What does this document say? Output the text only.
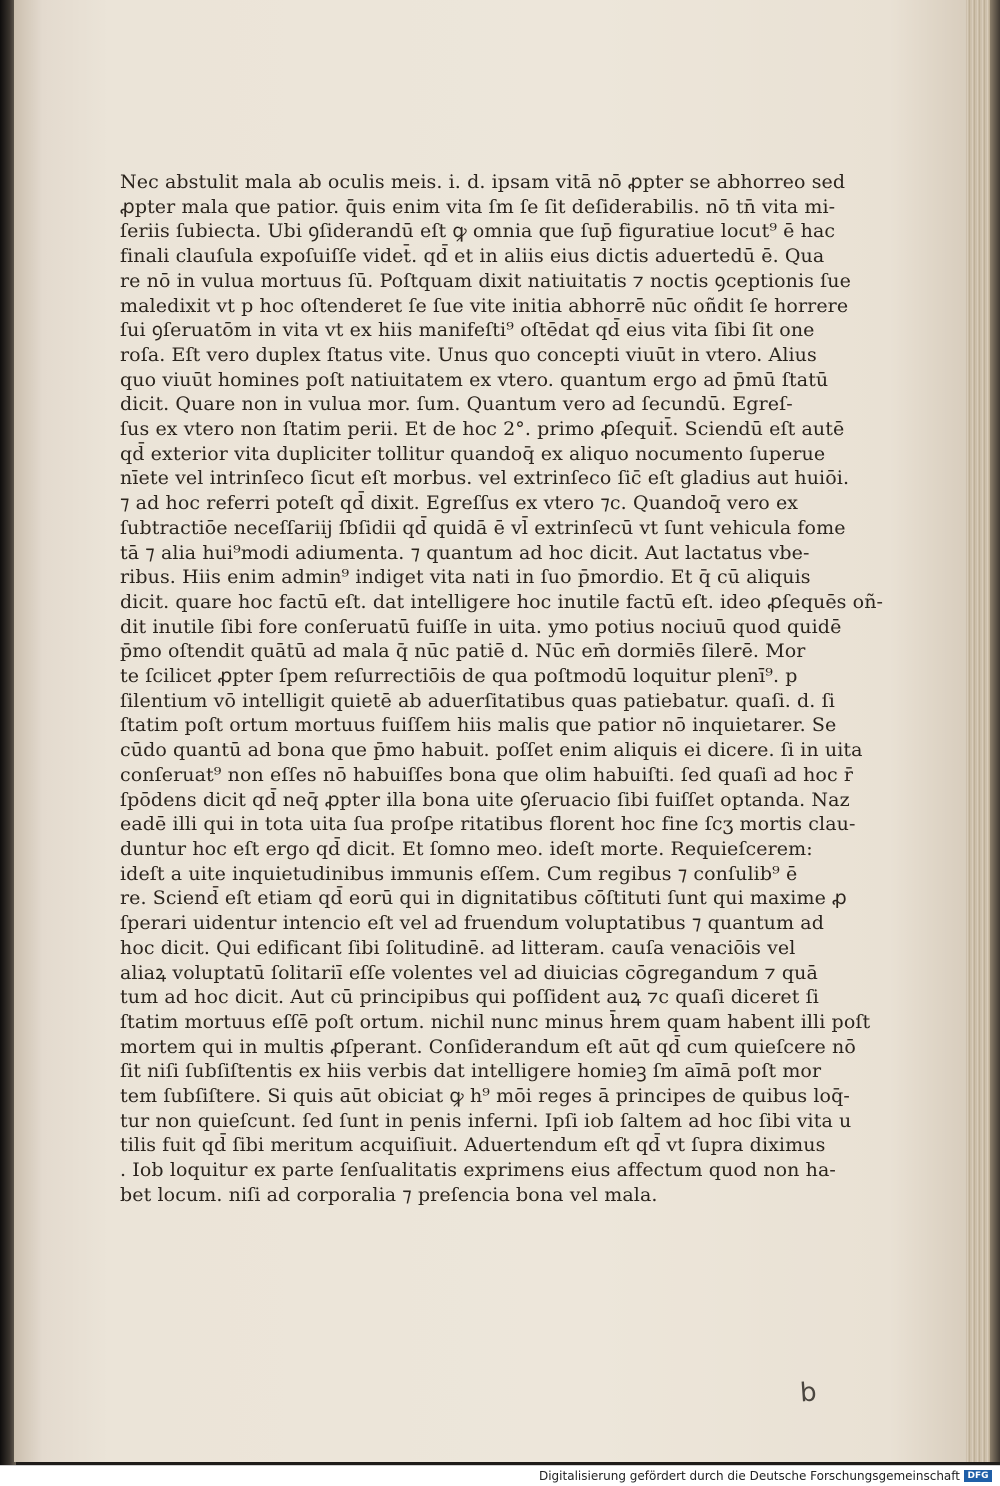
Nec abstulit mala ab oculis meis. i. d. ipsam vitā nō ꝓpter se abhorreo sed
ꝓpter mala que patior. q̄uis enim vita ſm ſe ſit deſiderabilis. nō tn̄ vita mi-
ſeriis ſubiecta. Ubi ꝯſiderandū eſt ꝙ omnia que ſup̄ figuratiue locut⁹ ē hac
finali clauſula expoſuiſſe videt̄. qd̄ et in aliis eius dictis aduertedū ē. Qua
re nō in vulua mortuus ſū. Poſtquam dixit natiuitatis ⁊ noctis ꝯceptionis ſue
maledixit vt p hoc oſtenderet ſe ſue vite initia abhorrē nūc oñdit ſe horrere
ſui ꝯſeruatōm in vita vt ex hiis manifeſti⁹ oſtēdat qd̄ eius vita ſibi ſit one
roſa. Eſt vero duplex ſtatus vite. Unus quo concepti viuūt in vtero. Alius
quo viuūt homines poſt natiuitatem ex vtero. quantum ergo ad p̄mū ſtatū
dicit. Quare non in vulua mor. ſum. Quantum vero ad ſecundū. Egreſ-
ſus ex vtero non ſtatim perii. Et de hoc 2°. primo ꝓſequit̄. Sciendū eſt autē
qd̄ exterior vita dupliciter tollitur quandoq̄ ex aliquo nocumento ſuperue
nīete vel intrinſeco ſicut eſt morbus. vel extrinſeco ſic̄ eſt gladius aut huiōi.
⁊ ad hoc referri poteſt qd̄ dixit. Egreſſus ex vtero ⁊c. Quandoq̄ vero ex
ſubtractiōe neceſſariij ſbſidii qd̄ quidā ē vl̄ extrinſecū vt ſunt vehicula fome
tā ⁊ alia hui⁹modi adiumenta. ⁊ quantum ad hoc dicit. Aut lactatus vbe-
ribus. Hiis enim admin⁹ indiget vita nati in ſuo p̄mordio. Et q̄ cū aliquis
dicit. quare hoc factū eſt. dat intelligere hoc inutile factū eſt. ideo ꝓſequēs oñ-
dit inutile ſibi fore conſeruatū fuiſſe in uita. ymo potius nociuū quod quidē
p̄mo oſtendit quātū ad mala q̄ nūc patiē d. Nūc em̄ dormiēs ſilerē. Mor
te ſcilicet ꝓpter ſpem reſurrectiōis de qua poſtmodū loquitur plenī⁹. p
ſilentium vō intelligit quietē ab aduerſitatibus quas patiebatur. quaſi. d. ſi
ſtatim poſt ortum mortuus fuiſſem hiis malis que patior nō inquietarer. Se
cūdo quantū ad bona que p̄mo habuit. poſſet enim aliquis ei dicere. ſi in uita
conſeruat⁹ non eſſes nō habuiſſes bona que olim habuiſti. ſed quaſi ad hoc r̄
ſpōdens dicit qd̄ neq̄ ꝓpter illa bona uite ꝯſeruacio ſibi fuiſſet optanda. Naz
eadē illi qui in tota uita ſua proſpe ritatibus florent hoc fine ſcʒ mortis clau-
duntur hoc eſt ergo qd̄ dicit. Et ſomno meo. ideſt morte. Requieſcerem:
ideſt a uite inquietudinibus immunis eſſem. Cum regibus ⁊ conſulib⁹ ē
re. Sciend̄ eſt etiam qd̄ eorū qui in dignitatibus cōſtituti ſunt qui maxime ꝓ
ſperari uidentur intencio eſt vel ad fruendum voluptatibus ⁊ quantum ad
hoc dicit. Qui edificant ſibi ſolitudinē. ad litteram. cauſa venaciōis vel
aliaꝝ voluptatū ſolitariī eſſe volentes vel ad diuicias cōgregandum ⁊ quā
tum ad hoc dicit. Aut cū principibus qui poſſident auꝝ ⁊c quaſi diceret ſi
ſtatim mortuus eſſē poſt ortum. nichil nunc minus h̄rem quam habent illi poſt
mortem qui in multis ꝓſperant. Conſiderandum eſt aūt qd̄ cum quieſcere nō
ſit niſi ſubſiſtentis ex hiis verbis dat intelligere homieꝫ ſm aīmā poſt mor
tem ſubſiſtere. Si quis aūt obiciat ꝙ h⁹ mōi reges ā principes de quibus loq̄-
tur non quieſcunt. ſed ſunt in penis inferni. Ipſi iob ſaltem ad hoc ſibi vita u
tilis fuit qd̄ ſibi meritum acquiſiuit. Aduertendum eſt qd̄ vt ſupra diximus
. Iob loquitur ex parte ſenſualitatis exprimens eius affectum quod non ha-
bet locum. niſi ad corporalia ⁊ preſencia bona vel mala.
b
Digitalisierung gefördert durch die Deutsche Forschungsgemeinschaft DFG
